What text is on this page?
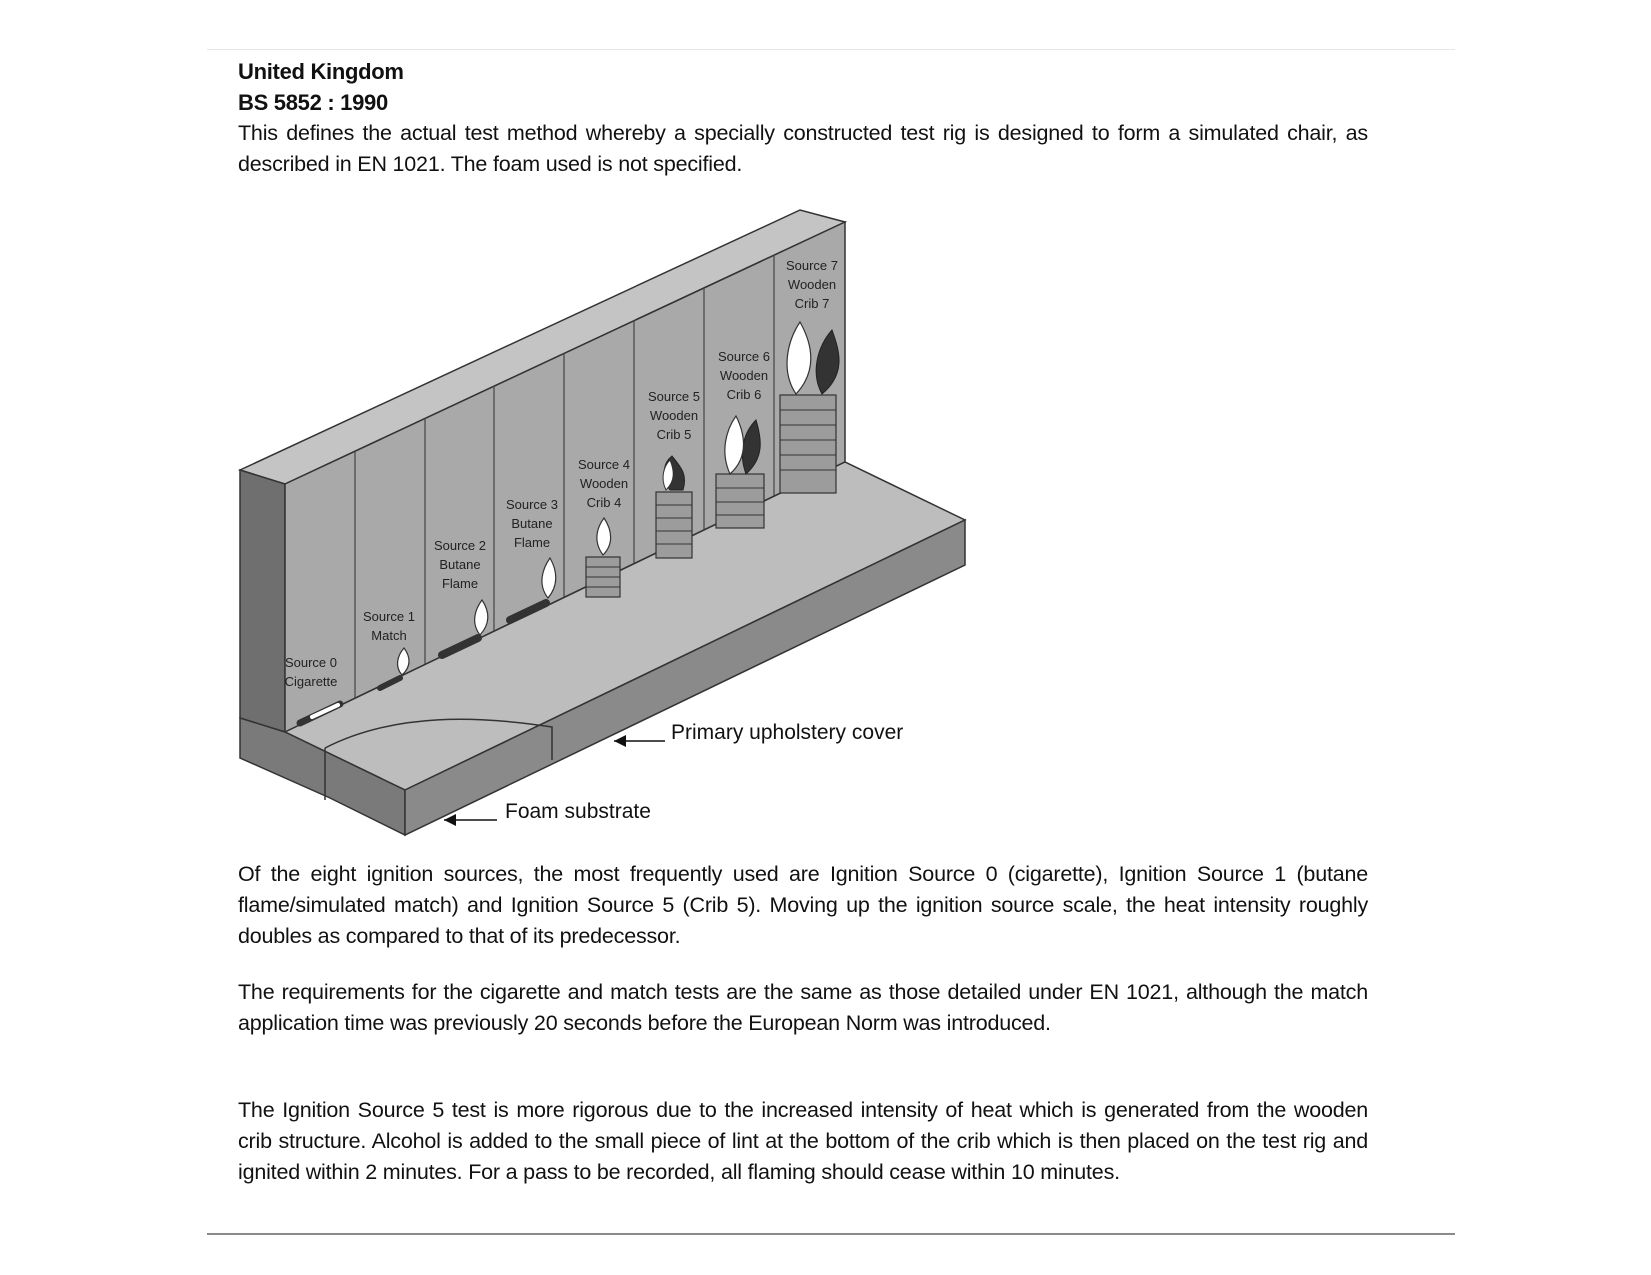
United Kingdom
BS 5852 : 1990
This defines the actual test method whereby a specially constructed test rig is designed to form a simulated chair, as described in EN 1021. The foam used is not specified.
Source 0
Cigarette
Source 1
Match
Source 2
Butane
Flame
Source 3
Butane
Flame
Source 4
Wooden
Crib 4
Source 5
Wooden
Crib 5
Source 6
Wooden
Crib 6
Source 7
Wooden
Crib 7
Primary upholstery cover
Foam substrate
Of the eight ignition sources, the most frequently used are Ignition Source 0 (cigarette), Ignition Source 1 (butane flame/simulated match) and Ignition Source 5 (Crib 5). Moving up the ignition source scale, the heat intensity roughly doubles as compared to that of its predecessor.
The requirements for the cigarette and match tests are the same as those detailed under EN 1021, although the match application time was previously 20 seconds before the European Norm was introduced.
The Ignition Source 5 test is more rigorous due to the increased intensity of heat which is generated from the wooden crib structure. Alcohol is added to the small piece of lint at the bottom of the crib which is then placed on the test rig and ignited within 2 minutes. For a pass to be recorded, all flaming should cease within 10 minutes.
